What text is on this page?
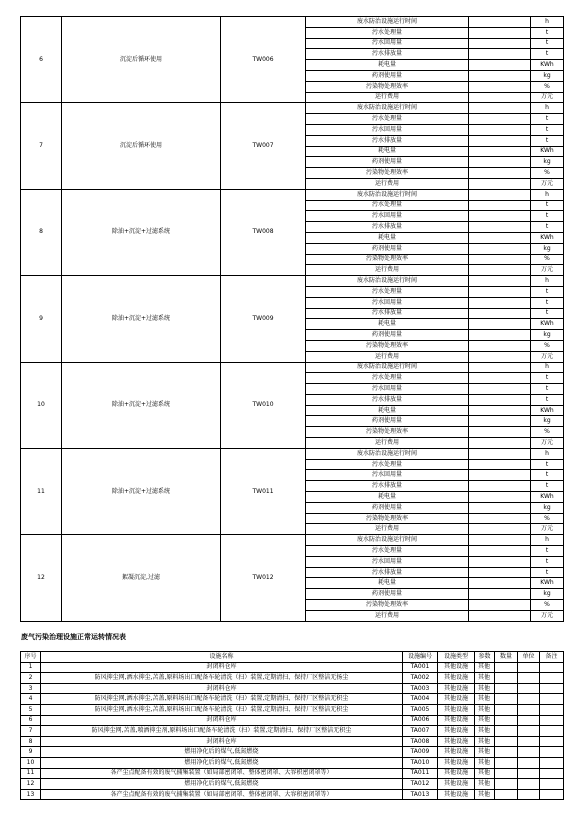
6	沉淀后循环使用	TW006	废水防治设施运行时间		h
			污水处理量		t
			污水回用量		t
			污水排放量		t
			耗电量		KWh
			药剂使用量		kg
			污染物处理效率		%
			运行费用		万元
7	沉淀后循环使用	TW007	废水防治设施运行时间		h
			污水处理量		t
			污水回用量		t
			污水排放量		t
			耗电量		KWh
			药剂使用量		kg
			污染物处理效率		%
			运行费用		万元
8	除油+沉淀+过滤系统	TW008	废水防治设施运行时间		h
			污水处理量		t
			污水回用量		t
			污水排放量		t
			耗电量		KWh
			药剂使用量		kg
			污染物处理效率		%
			运行费用		万元
9	除油+沉淀+过滤系统	TW009	废水防治设施运行时间		h
			污水处理量		t
			污水回用量		t
			污水排放量		t
			耗电量		KWh
			药剂使用量		kg
			污染物处理效率		%
			运行费用		万元
10	除油+沉淀+过滤系统	TW010	废水防治设施运行时间		h
			污水处理量		t
			污水回用量		t
			污水排放量		t
			耗电量		KWh
			药剂使用量		kg
			污染物处理效率		%
			运行费用		万元
11	除油+沉淀+过滤系统	TW011	废水防治设施运行时间		h
			污水处理量		t
			污水回用量		t
			污水排放量		t
			耗电量		KWh
			药剂使用量		kg
			污染物处理效率		%
			运行费用		万元
12	絮凝沉淀,过滤	TW012	废水防治设施运行时间		h
			污水处理量		t
			污水回用量		t
			污水排放量		t
			耗电量		KWh
			药剂使用量		kg
			污染物处理效率		%
			运行费用		万元
废气污染治理设施正常运转情况表
序号	设施名称	设施编号	设施类型	参数	数量	单位	备注
1	封闭料仓库	TA001	其他设施	其他			
2	防风抑尘网,洒水抑尘,苫盖,原料场出口配备车轮清洗（扫）装置,定期清扫、保持厂区整洁无扬尘	TA002	其他设施	其他			
3	封闭料仓库	TA003	其他设施	其他			
4	防风抑尘网,洒水抑尘,苫盖,原料场出口配备车轮清洗（扫）装置,定期清扫、保持厂区整洁无积尘	TA004	其他设施	其他			
5	防风抑尘网,洒水抑尘,苫盖,原料场出口配备车轮清洗（扫）装置,定期清扫、保持厂区整洁无积尘	TA005	其他设施	其他			
6	封闭料仓库	TA006	其他设施	其他			
7	防风抑尘网,苫盖,喷洒抑尘剂,原料场出口配备车轮清洗（扫）装置,定期清扫、保持厂区整洁无积尘	TA007	其他设施	其他			
8	封闭料仓库	TA008	其他设施	其他			
9	燃用净化后的煤气,低氮燃烧	TA009	其他设施	其他			
10	燃用净化后的煤气,低氮燃烧	TA010	其他设施	其他			
11	各产尘点配备有效的废气捕集装置（如局部密闭罩、整体密闭罩、大容积密闭罩等）	TA011	其他设施	其他			
12	燃用净化后的煤气,低氮燃烧	TA012	其他设施	其他			
13	各产尘点配备有效的废气捕集装置（如局部密闭罩、整体密闭罩、大容积密闭罩等）	TA013	其他设施	其他			
